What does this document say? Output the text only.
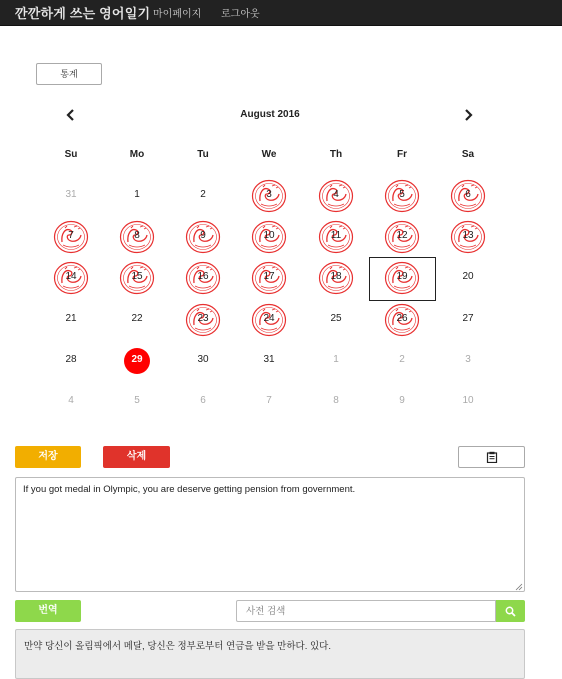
깐깐하게 쓰는 영어일기 마이페이지 로그아웃
통계
August 2016
Su	Mo	Tu	We	Th	Fr	Sa
31	1	2	3	4	5	6
7	8	9	10	11	12	13
14	15	16	17	18	19	20
21	22	23	24	25	26	27
28	29	30	31	1	2	3
4	5	6	7	8	9	10
저장	삭제
If you got medal in Olympic, you are deserve getting pension from government.
번역
사전 검색
만약 당신이 올림픽에서 메달, 당신은 정부로부터 연금을 받을 만하다. 있다.
